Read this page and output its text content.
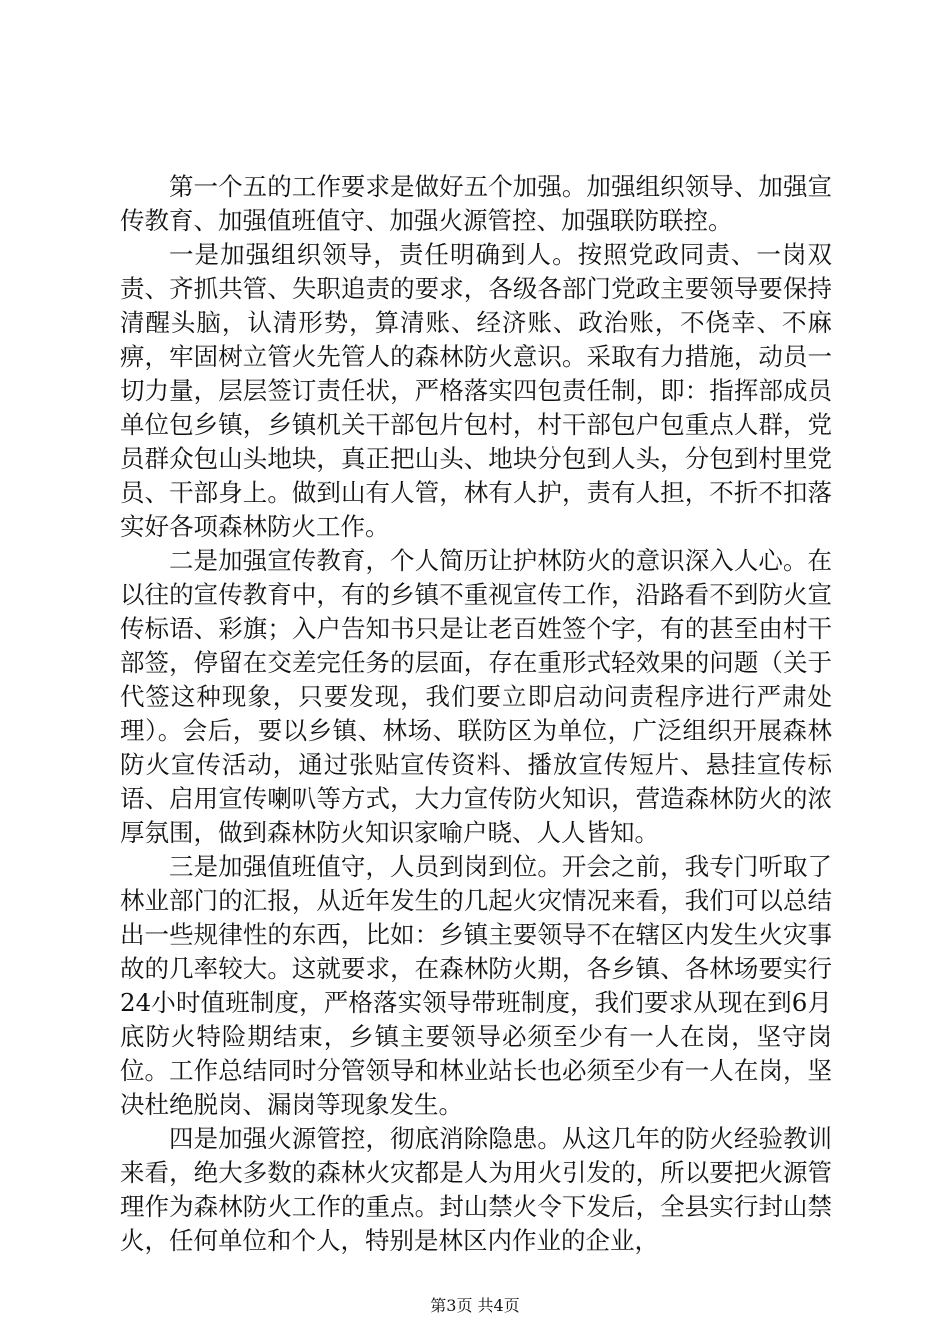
第一个五的工作要求是做好五个加强。加强组织领导、加强宣传教育、加强值班值守、加强火源管控、加强联防联控。

一是加强组织领导，责任明确到人。按照党政同责、一岗双责、齐抓共管、失职追责的要求，各级各部门党政主要领导要保持清醒头脑，认清形势，算清账、经济账、政治账，不侥幸、不麻痹，牢固树立管火先管人的森林防火意识。采取有力措施，动员一切力量，层层签订责任状，严格落实四包责任制，即：指挥部成员单位包乡镇，乡镇机关干部包片包村，村干部包户包重点人群，党员群众包山头地块，真正把山头、地块分包到人头，分包到村里党员、干部身上。做到山有人管，林有人护，责有人担，不折不扣落实好各项森林防火工作。

二是加强宣传教育，个人简历让护林防火的意识深入人心。在以往的宣传教育中，有的乡镇不重视宣传工作，沿路看不到防火宣传标语、彩旗；入户告知书只是让老百姓签个字，有的甚至由村干部签，停留在交差完任务的层面，存在重形式轻效果的问题（关于代签这种现象，只要发现，我们要立即启动问责程序进行严肃处理）。会后，要以乡镇、林场、联防区为单位，广泛组织开展森林防火宣传活动，通过张贴宣传资料、播放宣传短片、悬挂宣传标语、启用宣传喇叭等方式，大力宣传防火知识，营造森林防火的浓厚氛围，做到森林防火知识家喻户晓、人人皆知。

三是加强值班值守，人员到岗到位。开会之前，我专门听取了林业部门的汇报，从近年发生的几起火灾情况来看，我们可以总结出一些规律性的东西，比如：乡镇主要领导不在辖区内发生火灾事故的几率较大。这就要求，在森林防火期，各乡镇、各林场要实行24小时值班制度，严格落实领导带班制度，我们要求从现在到6月底防火特险期结束，乡镇主要领导必须至少有一人在岗，坚守岗位。工作总结同时分管领导和林业站长也必须至少有一人在岗，坚决杜绝脱岗、漏岗等现象发生。

四是加强火源管控，彻底消除隐患。从这几年的防火经验教训来看，绝大多数的森林火灾都是人为用火引发的，所以要把火源管理作为森林防火工作的重点。封山禁火令下发后，全县实行封山禁火，任何单位和个人，特别是林区内作业的企业，

第3页 共4页
